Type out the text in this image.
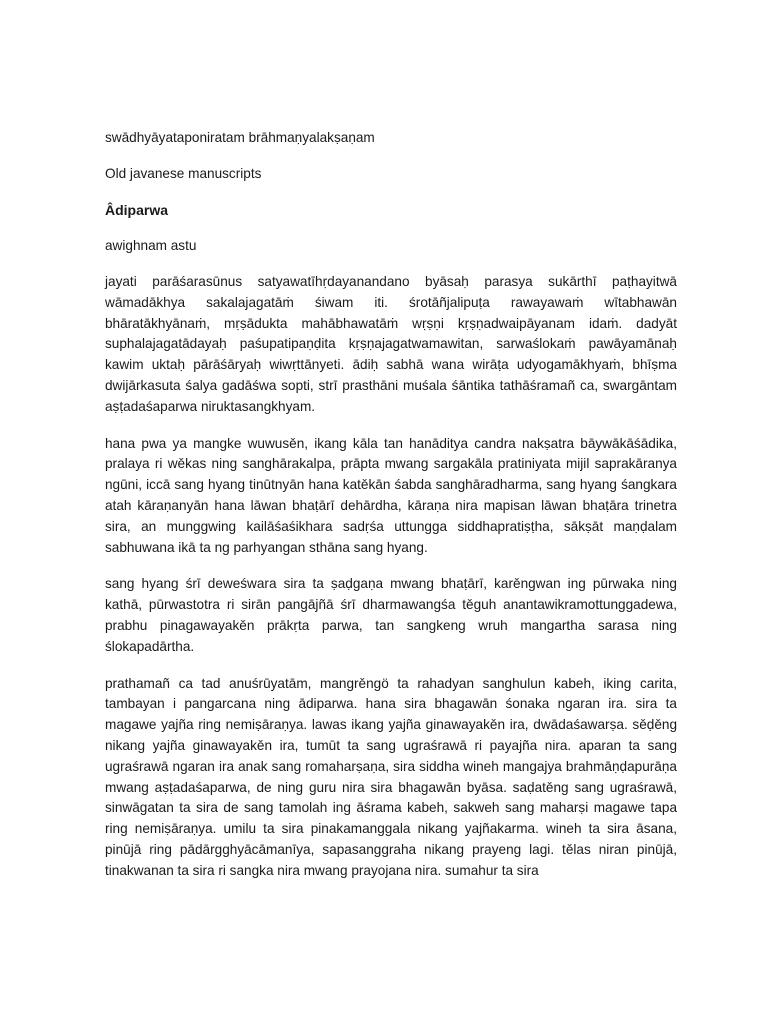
swādhyāyataponiratam brāhmaṇyalakṣaṇam
Old javanese manuscripts
Âdiparwa
awighnam astu
jayati parāśarasūnus satyawatīhṛdayanandano byāsaḥ parasya sukārthī paṭhayitwā
wāmadākhya sakalajagatāṁ śiwam iti. śrotāñjalipuṭa rawayawaṁ wītabhawān
bhāratākhyānaṁ, mṛṣādukta mahābhawatāṁ wṛṣṇi kṛṣṇadwaipāyanam idaṁ. dadyāt
suphalajagatādayaḥ paśupatipaṇḍita kṛṣṇajagatwamawitan, sarwaślokaṁ pawāyamānaḥ
kawim uktaḥ pārāśāryaḥ wiwṛttānyeti. ādiḥ sabhā wana wirāṭa udyogamākhyaṁ, bhīṣma
dwijārkasuta śalya gadāśwa sopti, strī prasthāni muśala śāntika tathāśramañ ca, swargāntam
aṣṭadaśaparwa niruktasangkhyam.
hana pwa ya mangke wuwusěn, ikang kāla tan hanāditya candra nakṣatra bāywākāśādika,
pralaya ri wěkas ning sanghārakalpa, prāpta mwang sargakāla pratiniyata mijil saprakāranya
ngūni, iccā sang hyang tinūtnyān hana katěkān śabda sanghāradharma, sang hyang śangkara
atah kāraṇanyān hana lāwan bhaṭārī dehārdha, kāraṇa nira mapisan lāwan bhaṭāra trinetra
sira, an munggwing kailāśaśikhara sadṛśa uttungga siddhapratiṣṭha, sākṣāt maṇḍalam
sabhuwana ikā ta ng parhyangan sthāna sang hyang.
sang hyang śrī deweśwara sira ta ṣaḍgaṇa mwang bhaṭārī, karěngwan ing pūrwaka ning
kathā, pūrwastotra ri sirān pangājñā śrī dharmawangśa těguh anantawikramottunggadewa,
prabhu pinagawayakěn prākṛta parwa, tan sangkeng wruh mangartha sarasa ning
ślokapadārtha.
prathamañ ca tad anuśrūyatām, mangrěngö ta rahadyan sanghulun kabeh, iking carita,
tambayan i pangarcana ning ādiparwa. hana sira bhagawān śonaka ngaran ira. sira ta
magawe yajña ring nemiṣāraṇya. lawas ikang yajña ginawayakěn ira, dwādaśawarṣa. sěḍěng
nikang yajña ginawayakěn ira, tumūt ta sang ugraśrawā ri payajña nira. aparan ta sang
ugraśrawā ngaran ira anak sang romaharṣaṇa, sira siddha wineh mangajya brahmāṇḍapurāṇa
mwang aṣṭadaśaparwa, de ning guru nira sira bhagawān byāsa. saḍatěng sang ugraśrawā,
sinwāgatan ta sira de sang tamolah ing āśrama kabeh, sakweh sang maharṣi magawe tapa
ring nemiṣāraṇya. umilu ta sira pinakamanggala nikang yajñakarma. wineh ta sira āsana,
pinūjā ring pādārgghyācāmanīya, sapasanggraha nikang prayeng lagi. tělas niran pinūjā,
tinakwanan ta sira ri sangka nira mwang prayojana nira. sumahur ta sira
